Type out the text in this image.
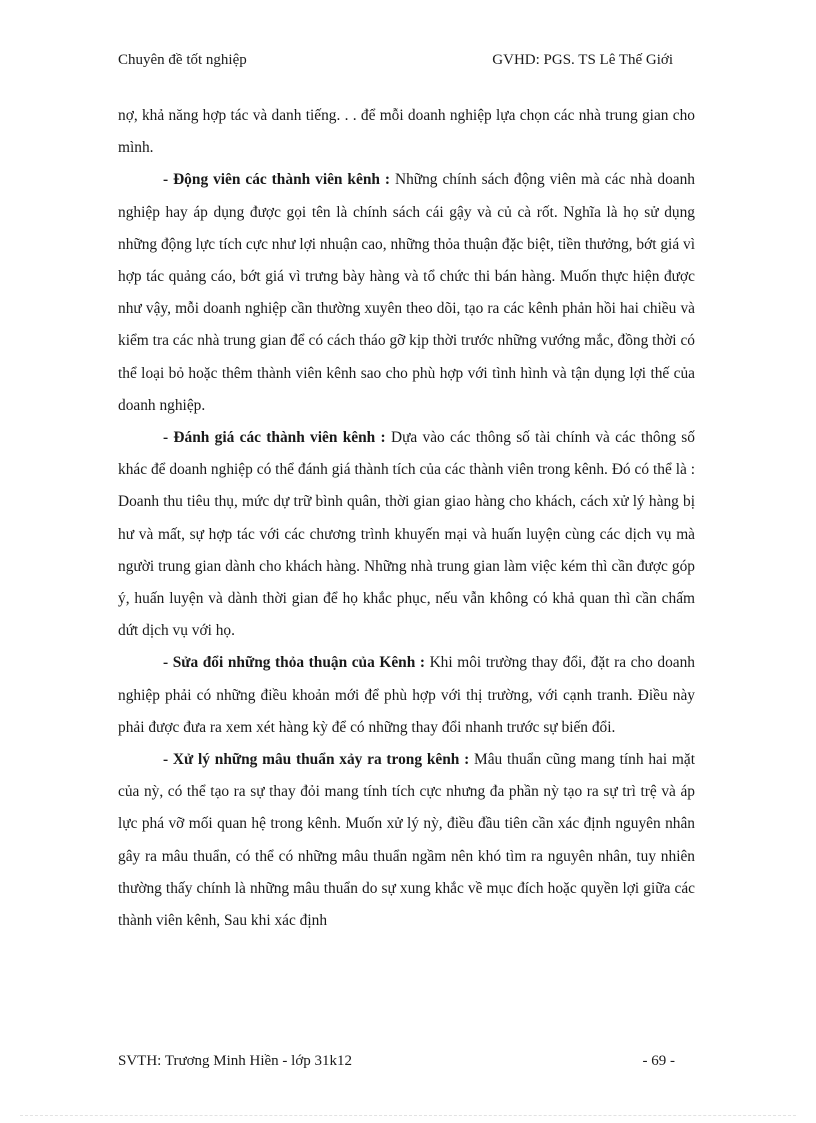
Chuyên đề tốt nghiệp	GVHD: PGS. TS Lê Thế Giới

nợ, khả năng hợp tác và danh tiếng. . . để mỗi doanh nghiệp lựa chọn các nhà trung gian cho mình.

- Động viên các thành viên kênh : Những chính sách động viên mà các nhà doanh nghiệp hay áp dụng được gọi tên là chính sách cái gậy và củ cà rốt. Nghĩa là họ sử dụng những động lực tích cực như lợi nhuận cao, những thỏa thuận đặc biệt, tiền thưởng, bớt giá vì hợp tác quảng cáo, bớt giá vì trưng bày hàng và tổ chức thi bán hàng. Muốn thực hiện được như vậy, mỗi doanh nghiệp cần thường xuyên theo dõi, tạo ra các kênh phản hồi hai chiều và kiểm tra các nhà trung gian để có cách tháo gỡ kịp thời trước những vướng mắc, đồng thời có thể loại bỏ hoặc thêm thành viên kênh sao cho phù hợp với tình hình và tận dụng lợi thế của doanh nghiệp.

- Đánh giá các thành viên kênh : Dựa vào các thông số tài chính và các thông số khác để doanh nghiệp có thể đánh giá thành tích của các thành viên trong kênh. Đó có thể là : Doanh thu tiêu thụ, mức dự trữ bình quân, thời gian giao hàng cho khách, cách xử lý hàng bị hư và mất, sự hợp tác với các chương trình khuyến mại và huấn luyện cùng các dịch vụ mà người trung gian dành cho khách hàng. Những nhà trung gian làm việc kém thì cần được góp ý, huấn luyện và dành thời gian để họ khắc phục, nếu vẫn không có khả quan thì cần chấm dứt dịch vụ với họ.

- Sửa đổi những thỏa thuận của Kênh : Khi môi trường thay đổi, đặt ra cho doanh nghiệp phải có những điều khoản mới để phù hợp với thị trường, với cạnh tranh. Điều này phải được đưa ra xem xét hàng kỳ để có những thay đổi nhanh trước sự biến đổi.

- Xử lý những mâu thuẩn xảy ra trong kênh : Mâu thuẩn cũng mang tính hai mặt của nỳ, có thể tạo ra sự thay đỏi mang tính tích cực nhưng đa phần nỳ tạo ra sự trì trệ và áp lực phá vỡ mối quan hệ trong kênh. Muốn xử lý nỳ, điều đầu tiên cần xác định nguyên nhân gây ra mâu thuẩn, có thể có những mâu thuẩn ngầm nên khó tìm ra nguyên nhân, tuy nhiên thường thấy chính là những mâu thuẩn do sự xung khắc về mục đích hoặc quyền lợi giữa các thành viên kênh, Sau khi xác định

SVTH: Trương Minh Hiền - lớp 31k12	- 69 -
